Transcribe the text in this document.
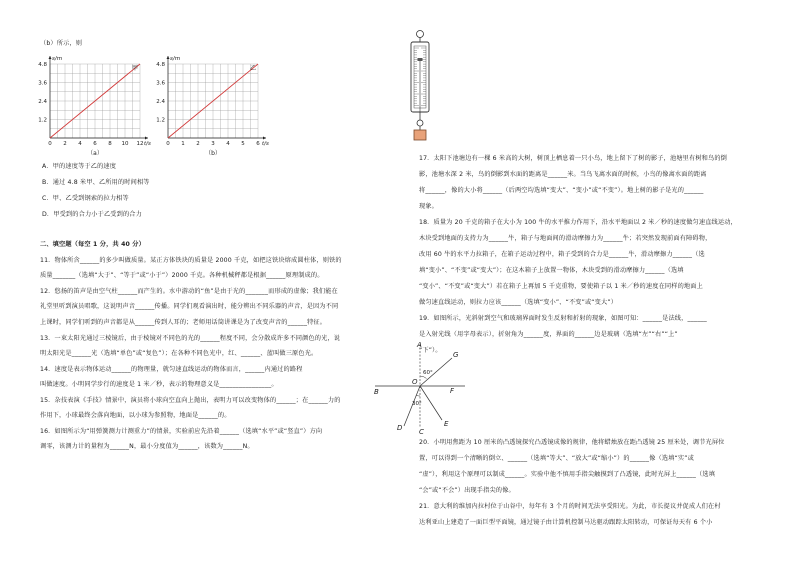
（b）所示，则
4.8
3.6
2.4
1.2
0 2 4 6 8 10 12
s/m
t/s
甲
（a）
4.8
3.6
2.4
1.2
0 1 2 3 4 5 6
s/m
t/s
乙
（b）
A．甲的速度等于乙的速度
B．通过 4.8 米甲、乙所用的时间相等
C．甲、乙受到钢索的拉力相等
D．甲受到的合力小于乙受到的合力
二、填空题（每空 1 分，共 40 分）
11．物体所含______的多少叫做质量。某正方体铁块的质量是 2000 千克，如把这铁块熔成圆柱体，则铁的
质量_______（选填“大于”、“等于”或“小于”）2000 千克。各种机械秤都是根据______原理制成的。
12．悠扬的笛声是由空气柱______而产生的。水中游动的“鱼”是由于光的_______而形成的虚像；我们能在
礼堂里听到演员唱歌，这说明声音______传播。同学们观看演出时，能分辨出不同乐器的声音，是因为不同
上课时，同学们听到的声音都是从______传到人耳的；老师用话筒讲课是为了改变声音的______特征。
13．一束太阳光通过三棱镜后，由于棱镜对不同色的光的______程度不同，会分散成许多不同颜色的光，说
明太阳光是______光（选填“单色”或“复色”）；在各种不同色光中，红、______、蓝叫做三原色光。
14．速度是表示物体运动______的物理量，就匀速直线运动的物体而言，______内通过的路程
叫做速度。小明同学步行的速度是 1 米／秒，表示的物理意义是________________。
15．杂技表演《手技》情景中，演员将小球向空直向上抛出，表明力可以改变物体的______；在______力的
作用下，小球最终会落向地面，以小球为参照物，地面是______的。
16．如图所示为“用弹簧测力计测重力”的情景，实验前应先沿着______（选填“水平”或“竖直”）方向
调零，该测力计的量程为______N，最小分度值为______，该数为______N。
17．太阳下池塘边有一棵 6 米高的大树，树顶上栖息着一只小鸟，地上留下了树的影子，池塘里有树和鸟的倒
影，池塘水深 2 米，鸟的倒影到水面的距离是______米。当鸟飞离水面的时候，小鸟的像离水面的距离
将______，像的大小将______（后两空均选填“变大”、“变小”或“不变”）。地上树的影子是光的______
现象。
18．质量为 20 千克的箱子在大小为 100 牛的水平推力作用下，沿水平地面以 2 米／秒的速度做匀速直线运动，
木块受到地面的支持力为______牛，箱子与地面间的滑动摩擦力为______牛；若突然发现前面有障碍物，
改用 60 牛的水平力拉箱子，在箱子运动过程中，箱子受到的合力是______牛，滑动摩擦力______（选
填“变小”、“不变”或“变大”）；在这木箱子上放置一物体，木块受到的滑动摩擦力______（选填
“变小”、“不变”或“变大”）若在箱子上再加 5 千克重物，要使箱子以 1 米／秒的速度在同样的地面上
做匀速直线运动，则拉力应该______（选填“变小”、“不变”或“变大”）
19．如图所示，光斜射到空气和玻璃界面时发生反射和折射的现象，如图可知：______是法线，______
是入射光线（用字母表示），折射角为______度，界面的______边是玻璃（选填“左”“右”“上”
“下”）。
A
G
60°
O
F
B
30°
D	E
C
20．小明用焦距为 10 厘米的凸透镜探究凸透镜成像的规律，他将蜡烛放在距凸透镜 25 厘米处，调节光屏位
置，可以得到一个清晰的倒立、______（选填“等大”、“放大”或“缩小”）的______像（选填“实”或
“虚”），利用这个原理可以制成______。实验中他不慎用手指尖触摸到了凸透镜，此时光屏上______（选填
“会”或“不会”）出现手指尖的像。
21．意大利的维加内拉村位于山谷中，每年有 3 个月的时间无法享受阳光。为此，市长提议并促成人们在村
达利亚山上建造了一面巨型平面镜，通过镜子由计算机控制马达驱动跟踪太阳转动，可保证每天有 6 个小
